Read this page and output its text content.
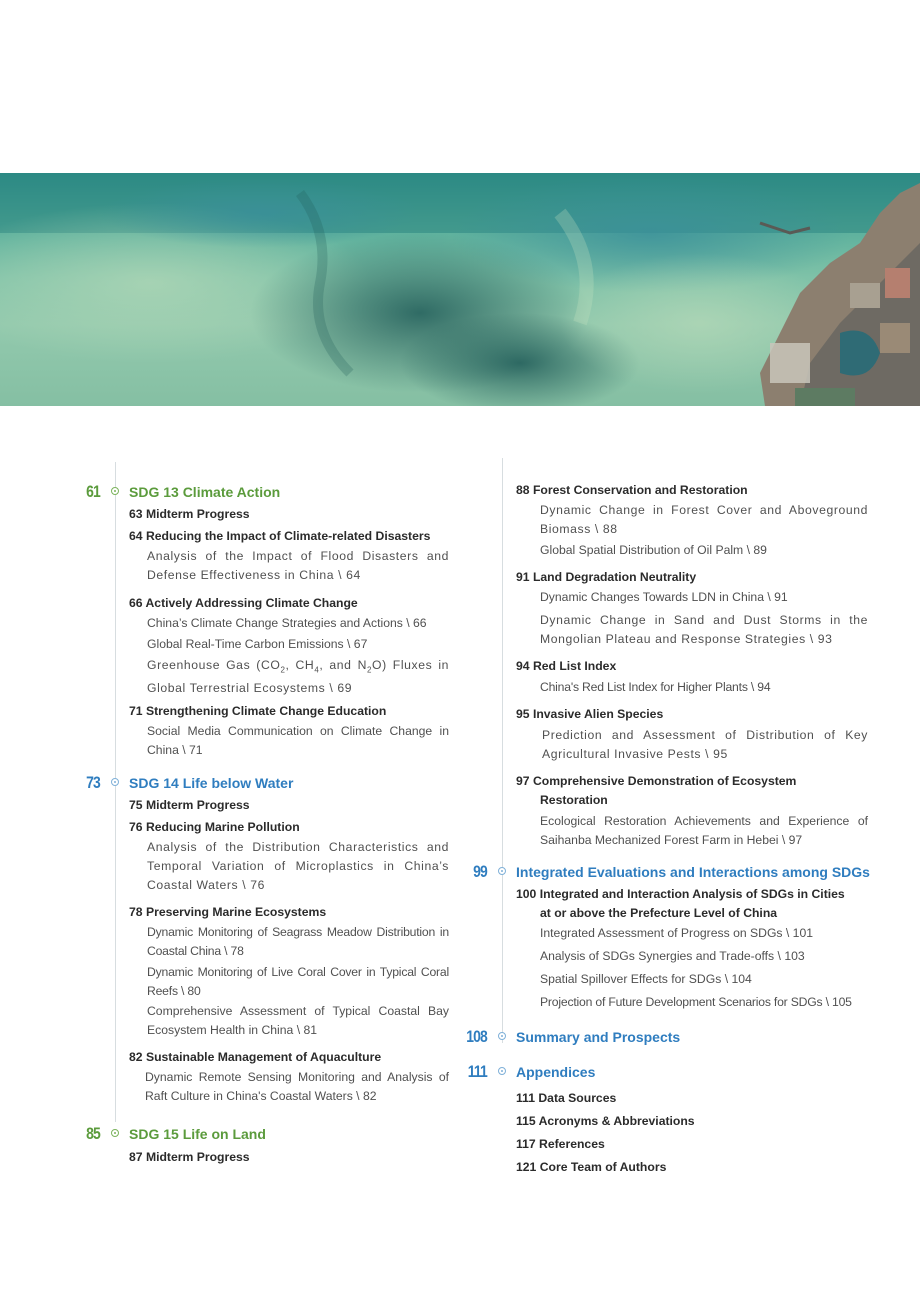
61 SDG 13 Climate Action
63 Midterm Progress
64 Reducing the Impact of Climate-related Disasters
Analysis of the Impact of Flood Disasters and Defense Effectiveness in China \ 64
66 Actively Addressing Climate Change
China’s Climate Change Strategies and Actions \ 66
Global Real-Time Carbon Emissions \ 67
Greenhouse Gas ($CO_2$, $CH_4$, and $N_2O$) Fluxes in Global Terrestrial Ecosystems \ 69
71 Strengthening Climate Change Education
Social Media Communication on Climate Change in China \ 71
73 SDG 14 Life below Water
75 Midterm Progress
76 Reducing Marine Pollution
Analysis of the Distribution Characteristics and Temporal Variation of Microplastics in China’s Coastal Waters \ 76
78 Preserving Marine Ecosystems
Dynamic Monitoring of Seagrass Meadow Distribution in Coastal China \ 78
Dynamic Monitoring of Live Coral Cover in Typical Coral Reefs \ 80
Comprehensive Assessment of Typical Coastal Bay Ecosystem Health in China \ 81
82 Sustainable Management of Aquaculture
Dynamic Remote Sensing Monitoring and Analysis of Raft Culture in China's Coastal Waters \ 82
85 SDG 15 Life on Land
87 Midterm Progress
88 Forest Conservation and Restoration
Dynamic Change in Forest Cover and Aboveground Biomass \ 88
Global Spatial Distribution of Oil Palm \ 89
91 Land Degradation Neutrality
Dynamic Changes Towards LDN in China \ 91
Dynamic Change in Sand and Dust Storms in the Mongolian Plateau and Response Strategies \ 93
94 Red List Index
China's Red List Index for Higher Plants \ 94
95 Invasive Alien Species
Prediction and Assessment of Distribution of Key Agricultural Invasive Pests \ 95
97 Comprehensive Demonstration of Ecosystem
Restoration
Ecological Restoration Achievements and Experience of Saihanba Mechanized Forest Farm in Hebei \ 97
99 Integrated Evaluations and Interactions among SDGs
100 Integrated and Interaction Analysis of SDGs in Cities
at or above the Prefecture Level of China
Integrated Assessment of Progress on SDGs \ 101
Analysis of SDGs Synergies and Trade-offs \ 103
Spatial Spillover Effects for SDGs \ 104
Projection of Future Development Scenarios for SDGs \ 105
108 Summary and Prospects
111 Appendices
111 Data Sources
115 Acronyms & Abbreviations
117 References
121 Core Team of Authors
